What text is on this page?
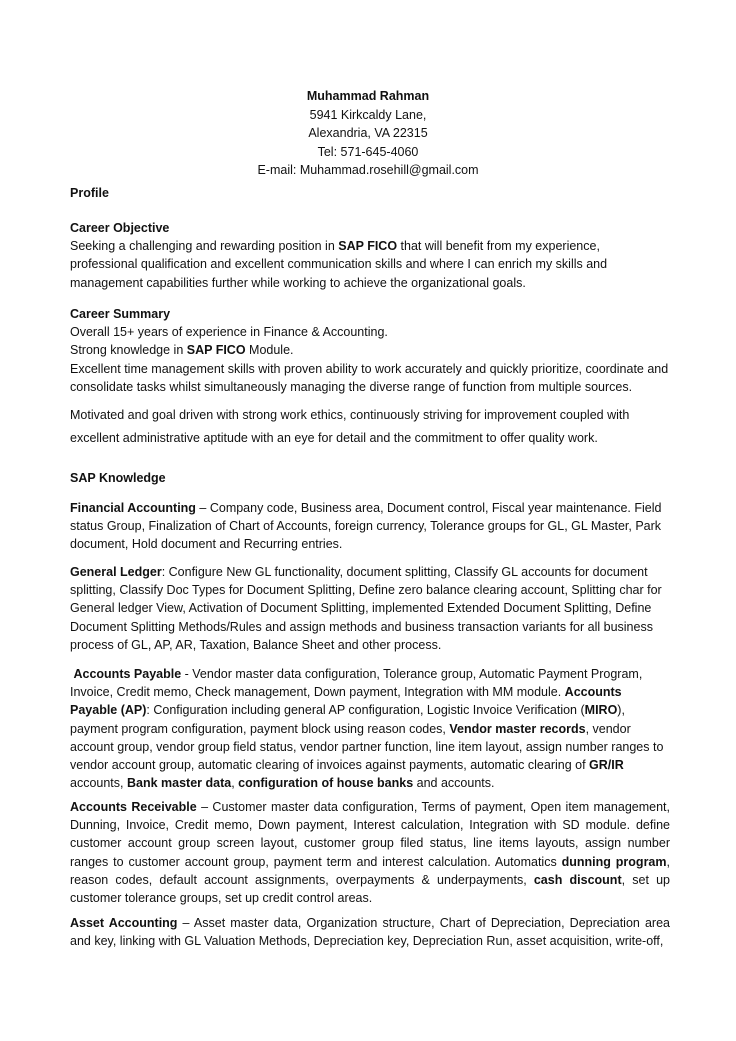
Muhammad Rahman
5941 Kirkcaldy Lane,
Alexandria, VA 22315
Tel: 571-645-4060
E-mail: Muhammad.rosehill@gmail.com
Profile
Career Objective

Seeking a challenging and rewarding position in SAP FICO that will benefit from my experience, professional qualification and excellent communication skills and where I can enrich my skills and management capabilities further while working to achieve the organizational goals.

Career Summary

Overall 15+ years of experience in Finance & Accounting.

Strong knowledge in SAP FICO Module.

Excellent time management skills with proven ability to work accurately and quickly prioritize, coordinate and consolidate tasks whilst simultaneously managing the diverse range of function from multiple sources.

Motivated and goal driven with strong work ethics, continuously striving for improvement coupled with excellent administrative aptitude with an eye for detail and the commitment to offer quality work.

SAP Knowledge

Financial Accounting – Company code, Business area, Document control, Fiscal year maintenance. Field status Group, Finalization of Chart of Accounts, foreign currency, Tolerance groups for GL, GL Master, Park document, Hold document and Recurring entries.

General Ledger: Configure New GL functionality, document splitting, Classify GL accounts for document splitting, Classify Doc Types for Document Splitting, Define zero balance clearing account, Splitting char for General ledger View, Activation of Document Splitting, implemented Extended Document Splitting, Define Document Splitting Methods/Rules and assign methods and business transaction variants for all business process of GL, AP, AR, Taxation, Balance Sheet and other process.

Accounts Payable - Vendor master data configuration, Tolerance group, Automatic Payment Program, Invoice, Credit memo, Check management, Down payment, Integration with MM module. Accounts Payable (AP): Configuration including general AP configuration, Logistic Invoice Verification (MIRO), payment program configuration, payment block using reason codes, Vendor master records, vendor account group, vendor group field status, vendor partner function, line item layout, assign number ranges to vendor account group, automatic clearing of invoices against payments, automatic clearing of GR/IR accounts, Bank master data, configuration of house banks and accounts.

Accounts Receivable – Customer master data configuration, Terms of payment, Open item management, Dunning, Invoice, Credit memo, Down payment, Interest calculation, Integration with SD module. define customer account group screen layout, customer group filed status, line items layouts, assign number ranges to customer account group, payment term and interest calculation. Automatics dunning program, reason codes, default account assignments, overpayments & underpayments, cash discount, set up customer tolerance groups, set up credit control areas.

Asset Accounting – Asset master data, Organization structure, Chart of Depreciation, Depreciation area and key, linking with GL Valuation Methods, Depreciation key, Depreciation Run, asset acquisition, write-off,
